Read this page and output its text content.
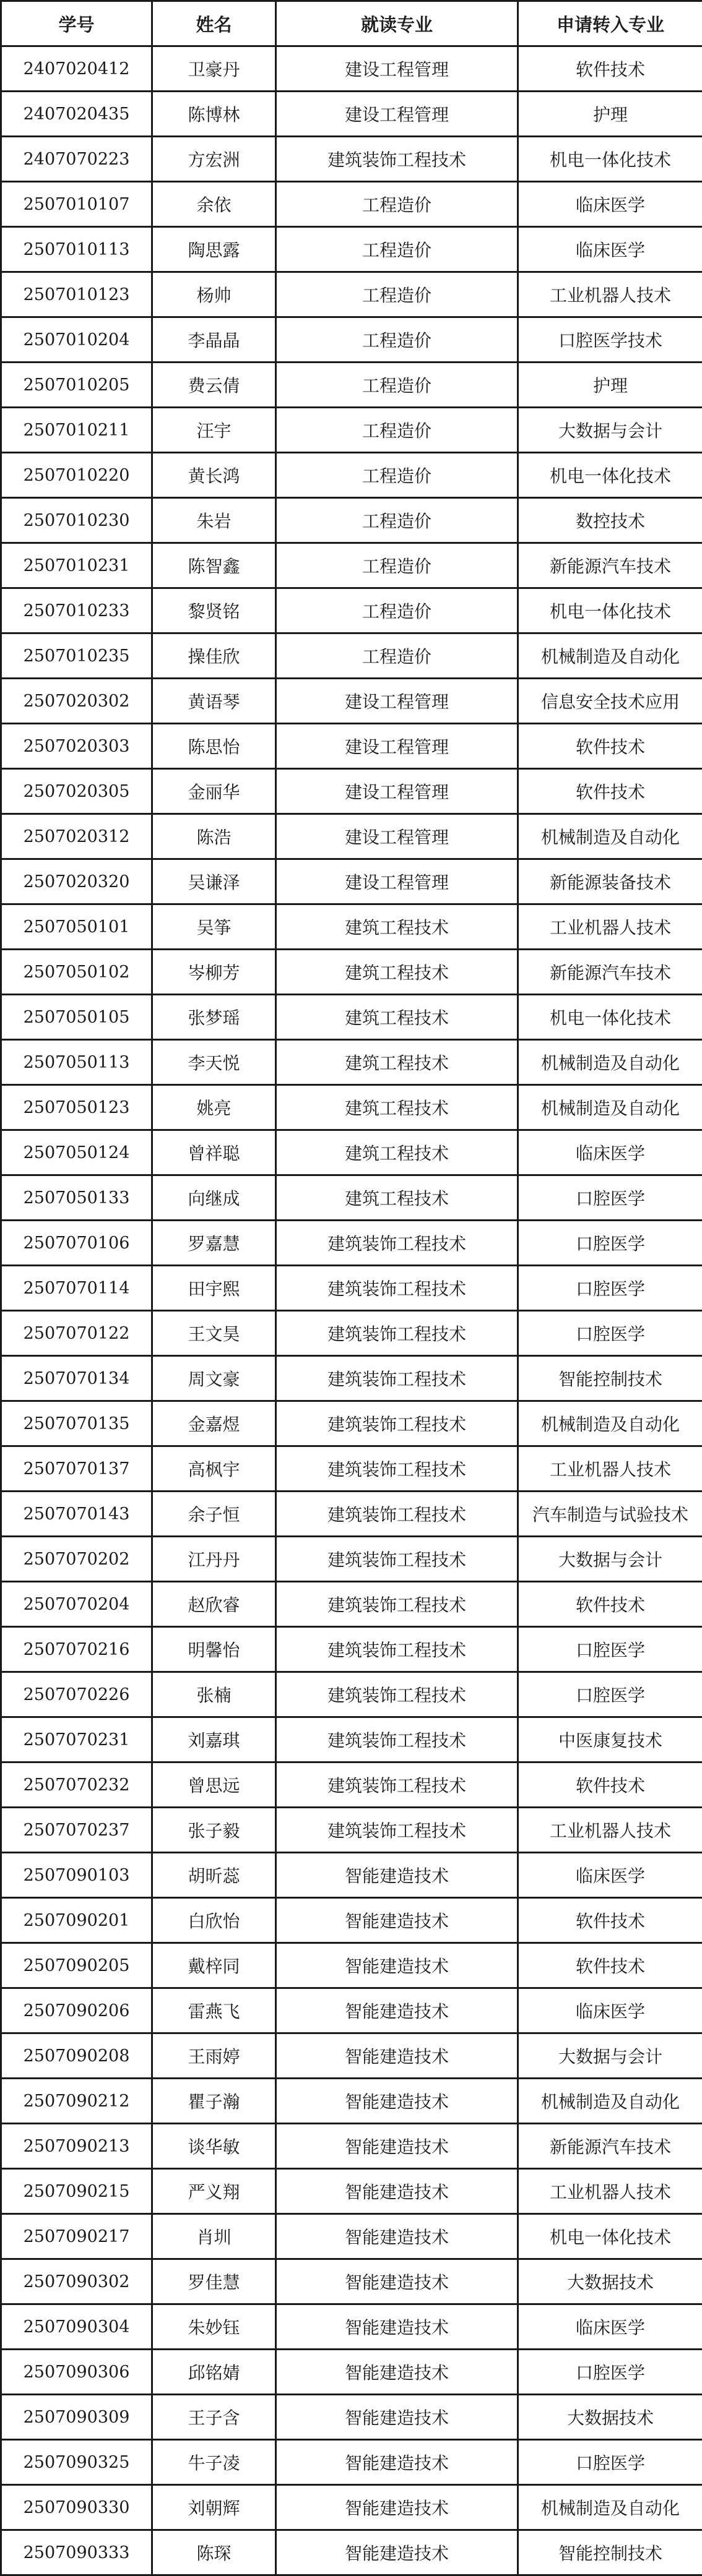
学号	姓名	就读专业	申请转入专业
2407020412	卫豪丹	建设工程管理	软件技术
2407020435	陈博林	建设工程管理	护理
2407070223	方宏洲	建筑装饰工程技术	机电一体化技术
2507010107	余依	工程造价	临床医学
2507010113	陶思露	工程造价	临床医学
2507010123	杨帅	工程造价	工业机器人技术
2507010204	李晶晶	工程造价	口腔医学技术
2507010205	费云倩	工程造价	护理
2507010211	汪宇	工程造价	大数据与会计
2507010220	黄长鸿	工程造价	机电一体化技术
2507010230	朱岩	工程造价	数控技术
2507010231	陈智鑫	工程造价	新能源汽车技术
2507010233	黎贤铭	工程造价	机电一体化技术
2507010235	操佳欣	工程造价	机械制造及自动化
2507020302	黄语琴	建设工程管理	信息安全技术应用
2507020303	陈思怡	建设工程管理	软件技术
2507020305	金丽华	建设工程管理	软件技术
2507020312	陈浩	建设工程管理	机械制造及自动化
2507020320	吴谦泽	建设工程管理	新能源装备技术
2507050101	吴筝	建筑工程技术	工业机器人技术
2507050102	岑柳芳	建筑工程技术	新能源汽车技术
2507050105	张梦瑶	建筑工程技术	机电一体化技术
2507050113	李天悦	建筑工程技术	机械制造及自动化
2507050123	姚亮	建筑工程技术	机械制造及自动化
2507050124	曾祥聪	建筑工程技术	临床医学
2507050133	向继成	建筑工程技术	口腔医学
2507070106	罗嘉慧	建筑装饰工程技术	口腔医学
2507070114	田宇熙	建筑装饰工程技术	口腔医学
2507070122	王文昊	建筑装饰工程技术	口腔医学
2507070134	周文豪	建筑装饰工程技术	智能控制技术
2507070135	金嘉煜	建筑装饰工程技术	机械制造及自动化
2507070137	高枫宇	建筑装饰工程技术	工业机器人技术
2507070143	余子恒	建筑装饰工程技术	汽车制造与试验技术
2507070202	江丹丹	建筑装饰工程技术	大数据与会计
2507070204	赵欣睿	建筑装饰工程技术	软件技术
2507070216	明馨怡	建筑装饰工程技术	口腔医学
2507070226	张楠	建筑装饰工程技术	口腔医学
2507070231	刘嘉琪	建筑装饰工程技术	中医康复技术
2507070232	曾思远	建筑装饰工程技术	软件技术
2507070237	张子毅	建筑装饰工程技术	工业机器人技术
2507090103	胡昕蕊	智能建造技术	临床医学
2507090201	白欣怡	智能建造技术	软件技术
2507090205	戴梓同	智能建造技术	软件技术
2507090206	雷燕飞	智能建造技术	临床医学
2507090208	王雨婷	智能建造技术	大数据与会计
2507090212	瞿子瀚	智能建造技术	机械制造及自动化
2507090213	谈华敏	智能建造技术	新能源汽车技术
2507090215	严义翔	智能建造技术	工业机器人技术
2507090217	肖圳	智能建造技术	机电一体化技术
2507090302	罗佳慧	智能建造技术	大数据技术
2507090304	朱妙钰	智能建造技术	临床医学
2507090306	邱铭婧	智能建造技术	口腔医学
2507090309	王子含	智能建造技术	大数据技术
2507090325	牛子凌	智能建造技术	口腔医学
2507090330	刘朝辉	智能建造技术	机械制造及自动化
2507090333	陈琛	智能建造技术	智能控制技术
